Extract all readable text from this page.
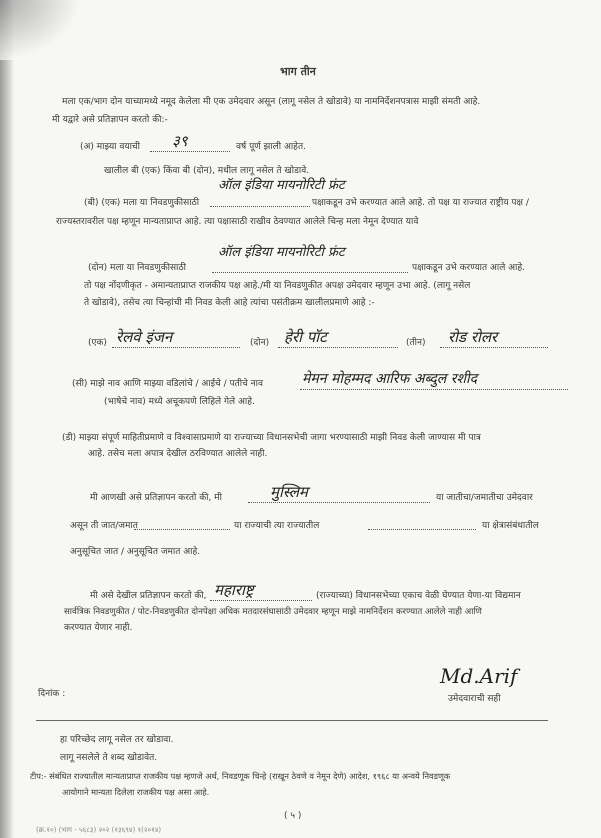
भाग तीन
मला एक/भाग दोन याच्यामध्ये नमूद केलेला मी एक उमेदवार असून (लागू नसेल ते खोडावे) या नामनिर्देशनपत्रास माझी संमती आहे.
मी यद्वारे असे प्रतिज्ञापन करतो की:-
(अ) माझ्या वयाची ३९	वर्ष पूर्ण झाली आहेत.
खालील बी (एक) किंवा बी (दोन), मधील लागू नसेल ते खोडावे.
ऑल इंडिया मायनोरिटी फ्रंट
(बी) (एक) मला या निवडणुकीसाठी	पक्षाकडून उभे करण्यात आले आहे. तो पक्ष या राज्यात राष्ट्रीय पक्ष /
राज्यस्तरावरील पक्ष म्हणून मान्यताप्राप्त आहे. त्या पक्षासाठी राखीव ठेवण्यात आलेले चिन्ह मला नेमून देण्यात यावे
ऑल इंडिया मायनोरिटी फ्रंट
(दोन) मला या निवडणुकीसाठी	पक्षाकडून उभे करण्यात आले आहे.
तो पक्ष नोंदणीकृत - अमान्यताप्राप्त राजकीय पक्ष आहे./मी या निवडणुकीत अपक्ष उमेदवार म्हणून उभा आहे. (लागू नसेल
ते खोडावे), तसेच त्या चिन्हांची मी निवड केली आहे त्यांचा पसंतीक्रम खालीलप्रमाणे आहे :-
(एक) रेलवे इंजन	(दोन) हेरी पॉट	(तीन) रोड रोलर
(सी) माझे नाव आणि माझ्या वडिलांचे / आईचे / पतीचे नाव	मेमन मोहम्मद आरिफ अब्दुल रशीद
(भाषेचे नाव) मध्ये अचूकपणे लिहिले गेले आहे.
(डी) माझ्या संपूर्ण माहितीप्रमाणे व विश्वासाप्रमाणे या राज्याच्या विधानसभेची जागा भरण्यासाठी माझी निवड केली जाण्यास मी पात्र
आहे. तसेच मला अपात्र देखील ठरविण्यात आलेले नाही.
मी आणखी असे प्रतिज्ञापन करतो की, मी	मुस्लिम	या जातीचा/जमातीचा उमेदवार
असून ती जात/जमात	या राज्याची त्या राज्यातील	या क्षेत्रासंबंधातील
अनुसूचित जात / अनुसूचित जमात आहे.
मी असे देखील प्रतिज्ञापन करतो की, महाराष्ट्र	(राज्याच्या) विधानसभेच्या एकाच वेळी घेण्यात येणा-या विद्यमान
सार्वत्रिक निवडणुकीत / पोट-निवडणुकीत दोनपेक्षा अधिक मतदारसंघासाठी उमेदवार म्हणून माझे नामनिर्देशन करण्यात आलेले नाही आणि
करण्यात येणार नाही.
Md.Arif
दिनांक :	उमेदवाराची सही
हा परिच्छेद लागू नसेल तर खोडावा.
लागू नसलेले ते शब्द खोडावेत.
टीप:- संबंधित राज्यातील मान्यताप्राप्त राजकीय पक्ष म्हणजे अर्थ, निवडणूक चिन्हे (राखून ठेवणे व नेमून देणे) आदेश, १९६८ या अन्वये निवडणूक
आयोगाने मान्यता दिलेला राजकीय पक्ष असा आहे.
( ५ )
(क्र.१०) (भाग - ५६८३) २०२ (१३६९४) १(२०१४)
